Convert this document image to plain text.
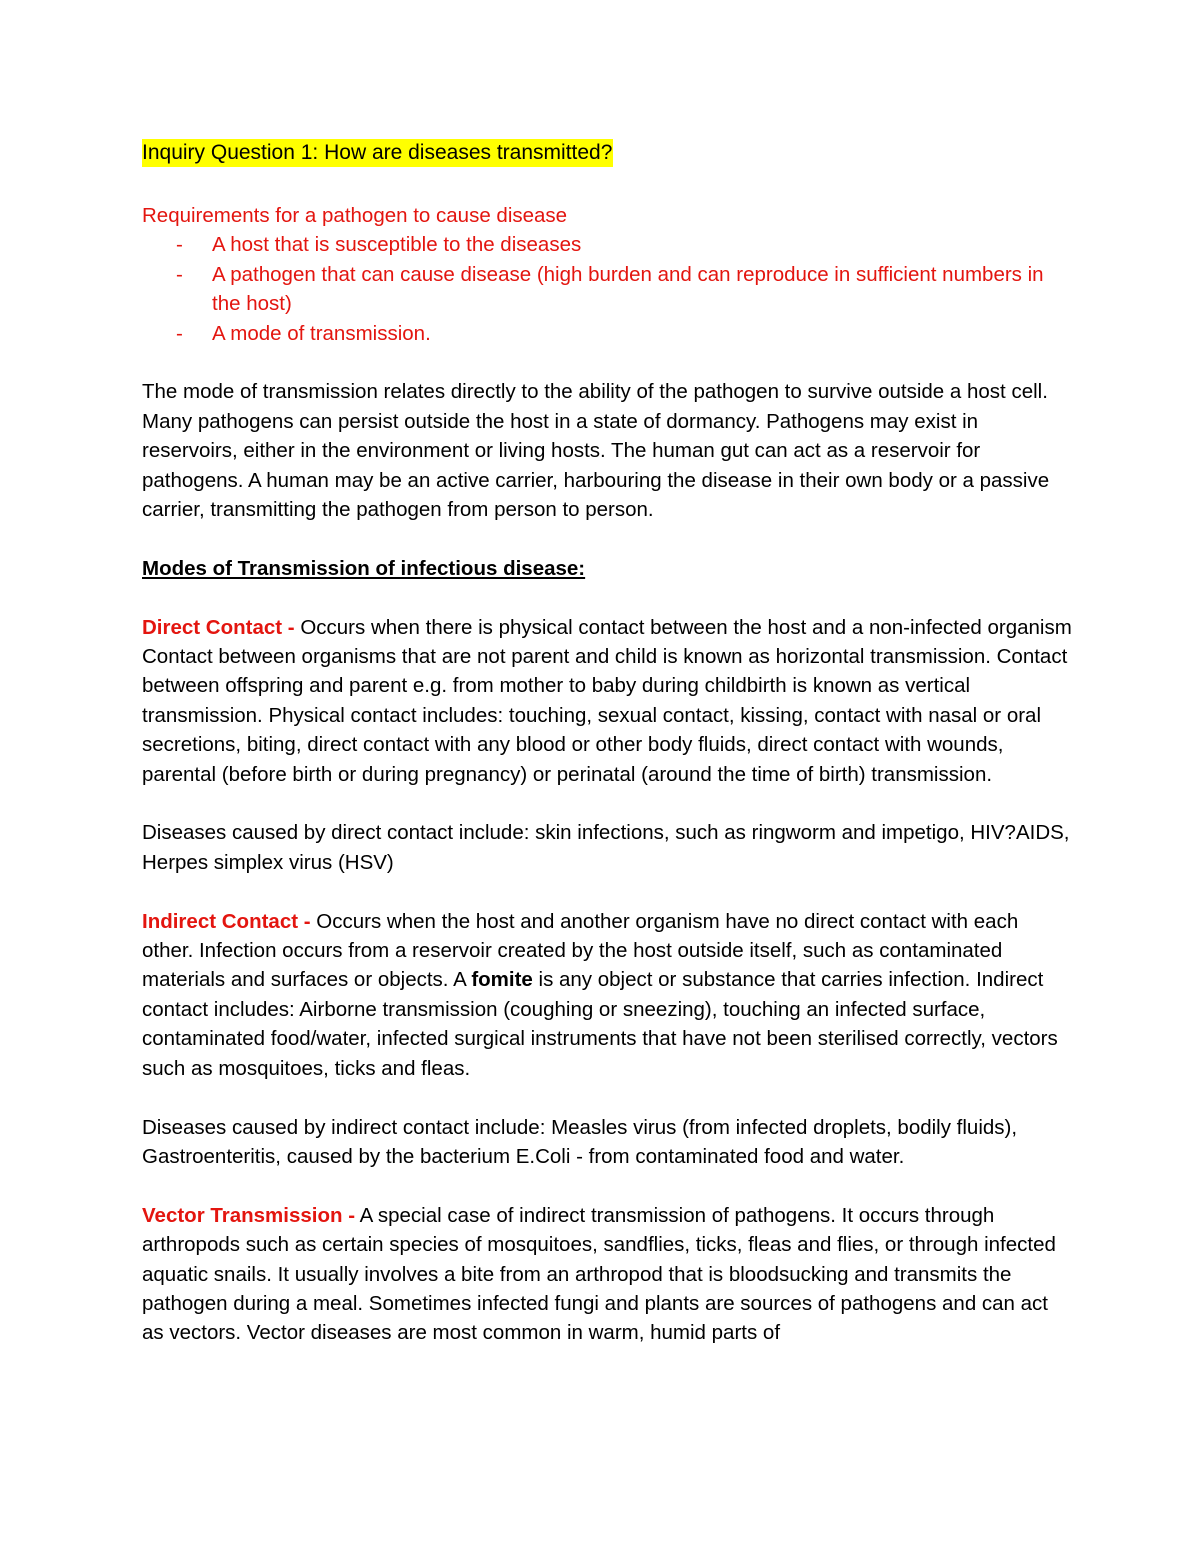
Inquiry Question 1: How are diseases transmitted?

Requirements for a pathogen to cause disease

- A host that is susceptible to the diseases
- A pathogen that can cause disease (high burden and can reproduce in sufficient numbers in the host)
- A mode of transmission.

The mode of transmission relates directly to the ability of the pathogen to survive outside a host cell. Many pathogens can persist outside the host in a state of dormancy. Pathogens may exist in reservoirs, either in the environment or living hosts. The human gut can act as a reservoir for pathogens. A human may be an active carrier, harbouring the disease in their own body or a passive carrier, transmitting the pathogen from person to person.

Modes of Transmission of infectious disease:

Direct Contact - Occurs when there is physical contact between the host and a non-infected organism Contact between organisms that are not parent and child is known as horizontal transmission. Contact between offspring and parent e.g. from mother to baby during childbirth is known as vertical transmission. Physical contact includes: touching, sexual contact, kissing, contact with nasal or oral secretions, biting, direct contact with any blood or other body fluids, direct contact with wounds, parental (before birth or during pregnancy) or perinatal (around the time of birth) transmission.

Diseases caused by direct contact include: skin infections, such as ringworm and impetigo, HIV?AIDS, Herpes simplex virus (HSV)

Indirect Contact - Occurs when the host and another organism have no direct contact with each other. Infection occurs from a reservoir created by the host outside itself, such as contaminated materials and surfaces or objects. A fomite is any object or substance that carries infection. Indirect contact includes: Airborne transmission (coughing or sneezing), touching an infected surface, contaminated food/water, infected surgical instruments that have not been sterilised correctly, vectors such as mosquitoes, ticks and fleas.

Diseases caused by indirect contact include: Measles virus (from infected droplets, bodily fluids), Gastroenteritis, caused by the bacterium E.Coli - from contaminated food and water.

Vector Transmission - A special case of indirect transmission of pathogens. It occurs through arthropods such as certain species of mosquitoes, sandflies, ticks, fleas and flies, or through infected aquatic snails. It usually involves a bite from an arthropod that is bloodsucking and transmits the pathogen during a meal. Sometimes infected fungi and plants are sources of pathogens and can act as vectors. Vector diseases are most common in warm, humid parts of
